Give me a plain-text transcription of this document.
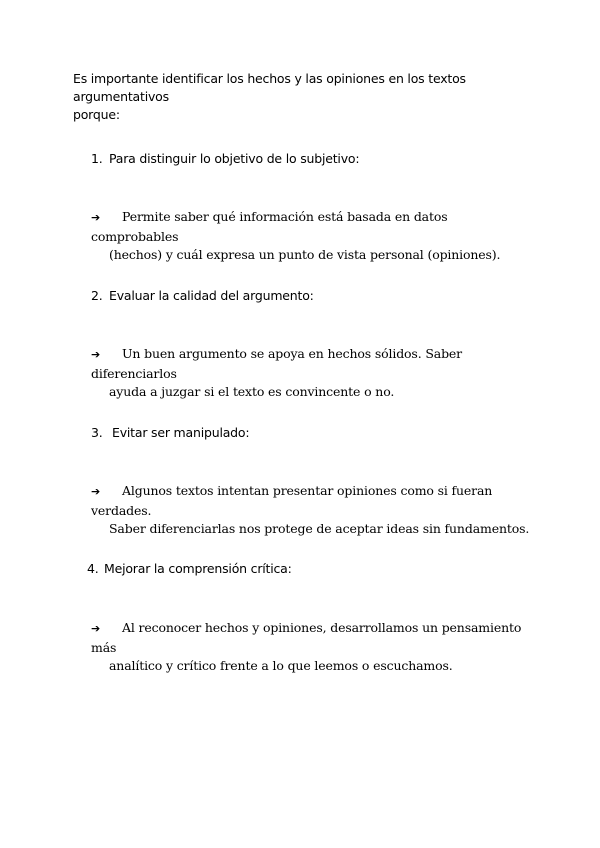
Es importante identificar los hechos y las opiniones en los textos argumentativos
porque:

1. Para distinguir lo objetivo de lo subjetivo:

➔ Permite saber qué información está basada en datos comprobables
(hechos) y cuál expresa un punto de vista personal (opiniones).

2. Evaluar la calidad del argumento:

➔ Un buen argumento se apoya en hechos sólidos. Saber diferenciarlos
ayuda a juzgar si el texto es convincente o no.

3. Evitar ser manipulado:

➔ Algunos textos intentan presentar opiniones como si fueran verdades.
Saber diferenciarlas nos protege de aceptar ideas sin fundamentos.

4. Mejorar la comprensión crítica:

➔ Al reconocer hechos y opiniones, desarrollamos un pensamiento más
analítico y crítico frente a lo que leemos o escuchamos.
